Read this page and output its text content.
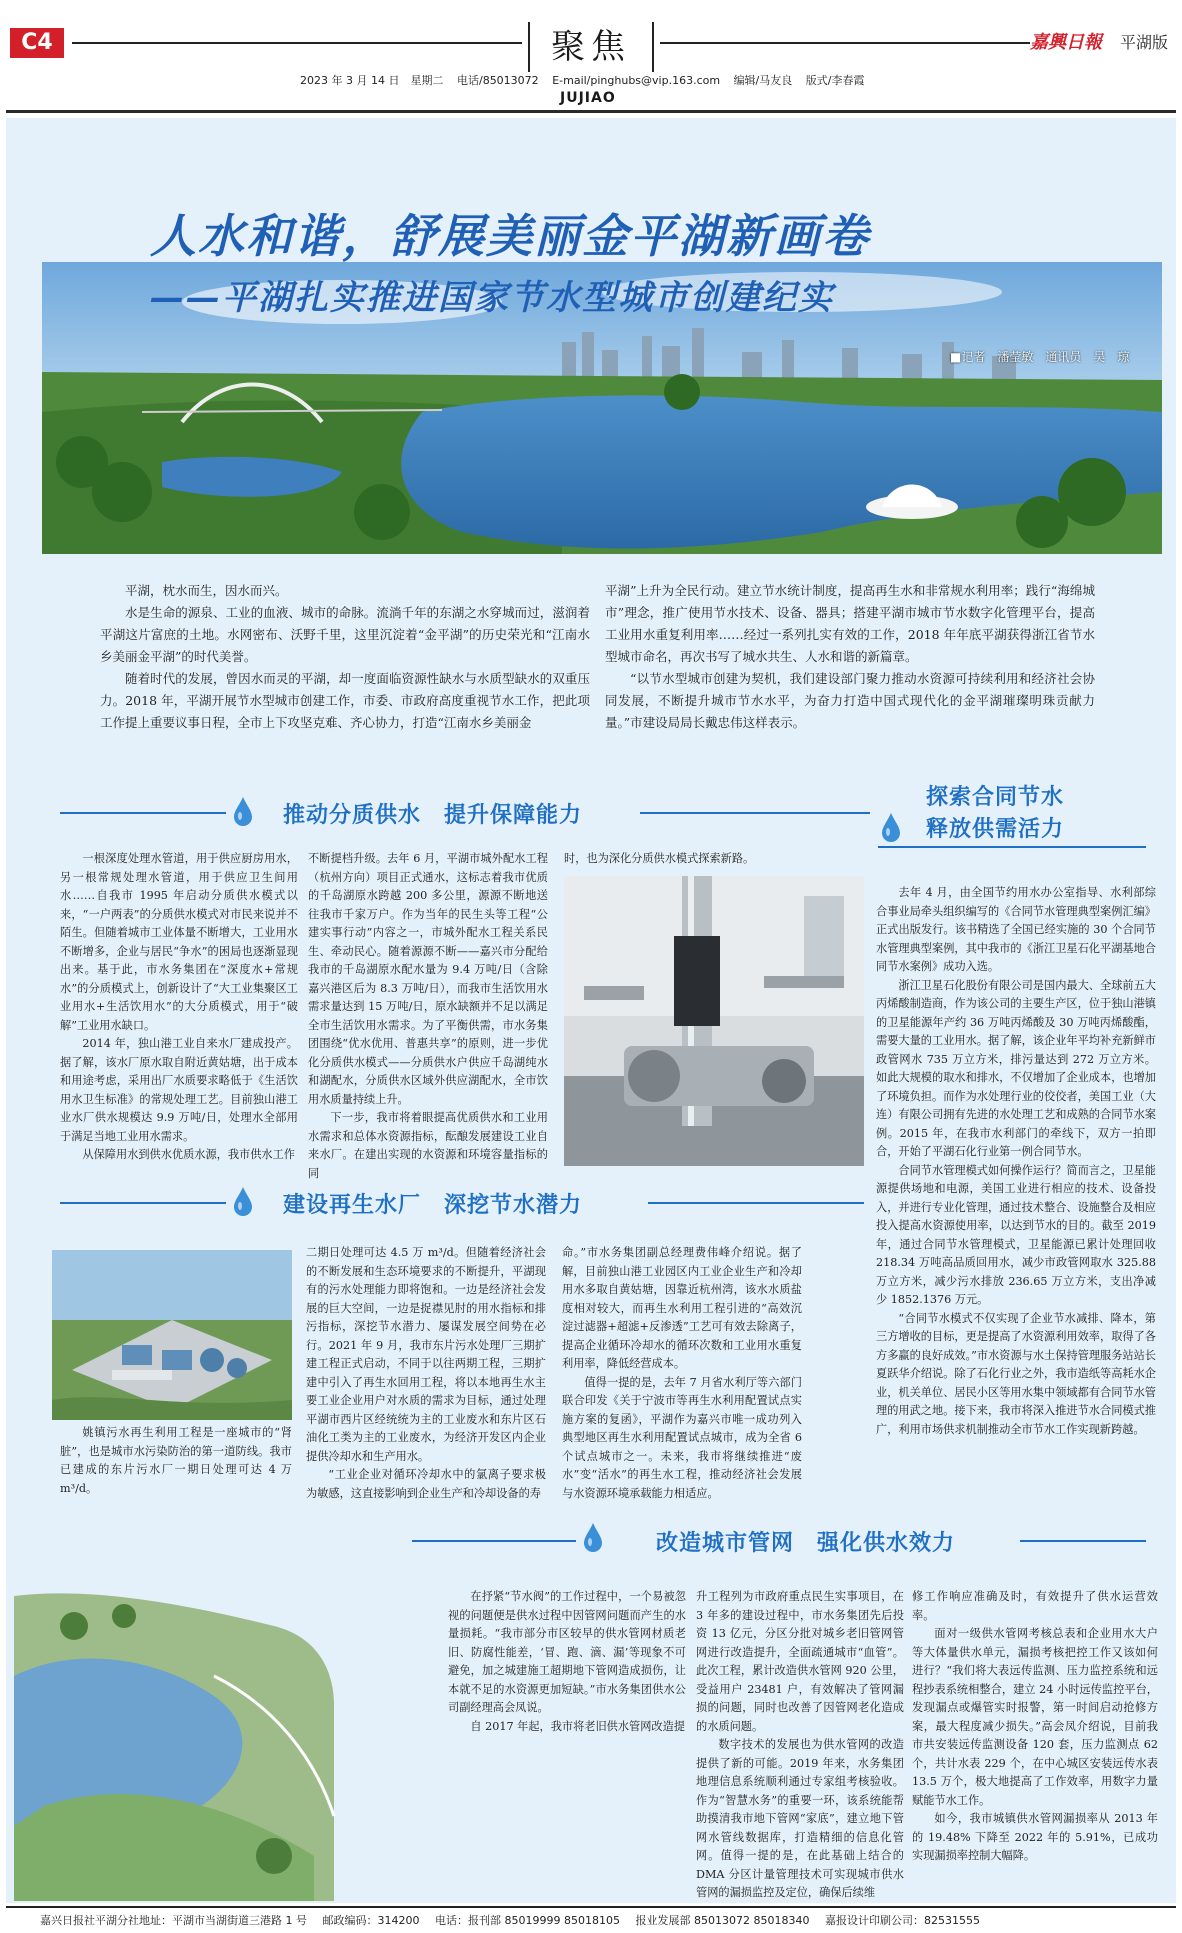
C4	聚焦	嘉興日報 平湖版
2023 年 3 月 14 日　星期二 电话/85013072 E-mail/pinghubs@vip.163.com 编辑/马友良 版式/李春霞
JUJIAO
人水和谐，舒展美丽金平湖新画卷
——平湖扎实推进国家节水型城市创建纪实
■记者　潘莹敏　通讯员　吴　琼

平湖，枕水而生，因水而兴。

水是生命的源泉、工业的血液、城市的命脉。流淌千年的东湖之水穿城而过，滋润着平湖这片富庶的土地。水网密布、沃野千里，这里沉淀着“金平湖”的历史荣光和“江南水乡美丽金平湖”的时代美誉。

随着时代的发展，曾因水而灵的平湖，却一度面临资源性缺水与水质型缺水的双重压力。2018 年，平湖开展节水型城市创建工作，市委、市政府高度重视节水工作，把此项工作提上重要议事日程，全市上下攻坚克难、齐心协力，打造“江南水乡美丽金

平湖”上升为全民行动。建立节水统计制度，提高再生水和非常规水利用率；践行“海绵城市”理念，推广使用节水技术、设备、器具；搭建平湖市城市节水数字化管理平台，提高工业用水重复利用率……经过一系列扎实有效的工作，2018 年年底平湖获得浙江省节水型城市命名，再次书写了城水共生、人水和谐的新篇章。

“以节水型城市创建为契机，我们建设部门聚力推动水资源可持续利用和经济社会协同发展，不断提升城市节水水平，为奋力打造中国式现代化的金平湖璀璨明珠贡献力量。”市建设局局长戴忠伟这样表示。

推动分质供水　提升保障能力

一根深度处理水管道，用于供应厨房用水，另一根常规处理水管道，用于供应卫生间用水……自我市 1995 年启动分质供水模式以来，“一户两表”的分质供水模式对市民来说并不陌生。但随着城市工业体量不断增大，工业用水不断增多，企业与居民“争水”的困局也逐渐显现出来。基于此，市水务集团在“深度水+常规水”的分质模式上，创新设计了“大工业集聚区工业用水+生活饮用水”的大分质模式，用于“破解”工业用水缺口。

2014 年，独山港工业自来水厂建成投产。据了解，该水厂原水取自附近黄姑塘，出于成本和用途考虑，采用出厂水质要求略低于《生活饮用水卫生标准》的常规处理工艺。目前独山港工业水厂供水规模达 9.9 万吨/日，处理水全部用于满足当地工业用水需求。

从保障用水到供水优质水源，我市供水工作

不断提档升级。去年 6 月，平湖市城外配水工程（杭州方向）项目正式通水，这标志着我市优质的千岛湖原水跨越 200 多公里，源源不断地送往我市千家万户。作为当年的民生头等工程“公建实事行动”内容之一，市城外配水工程关系民生、牵动民心。随着源源不断——嘉兴市分配给我市的千岛湖原水配水量为 9.4 万吨/日（含除嘉兴港区后为 8.3 万吨/日），而我市生活饮用水需求量达到 15 万吨/日，原水缺额并不足以满足全市生活饮用水需求。为了平衡供需，市水务集团围绕“优水优用、普惠共享”的原则，进一步优化分质供水模式——分质供水户供应千岛湖纯水和湖配水，分质供水区域外供应湖配水，全市饮用水质量持续上升。

下一步，我市将着眼提高优质供水和工业用水需求和总体水资源指标，酝酿发展建设工业自来水厂。在建出实现的水资源和环境容量指标的同

时，也为深化分质供水模式探索新路。

探索合同节水　释放供需活力

去年 4 月，由全国节约用水办公室指导、水利部综合事业局牵头组织编写的《合同节水管理典型案例汇编》正式出版发行。该书精选了全国已经实施的 30 个合同节水管理典型案例，其中我市的《浙江卫星石化平湖基地合同节水案例》成功入选。

浙江卫星石化股份有限公司是国内最大、全球前五大丙烯酸制造商，作为该公司的主要生产区，位于独山港镇的卫星能源年产约 36 万吨丙烯酸及 30 万吨丙烯酸酯，需要大量的工业用水。据了解，该企业年平均补充新鲜市政管网水 735 万立方米，排污量达到 272 万立方米。如此大规模的取水和排水，不仅增加了企业成本，也增加了环境负担。而作为水处理行业的佼佼者，美国工业（大连）有限公司拥有先进的水处理工艺和成熟的合同节水案例。2015 年，在我市水利部门的牵线下，双方一拍即合，开始了平湖石化行业第一例合同节水。

合同节水管理模式如何操作运行？简而言之，卫星能源提供场地和电源，美国工业进行相应的技术、设备投入，并进行专业化管理，通过技术整合、设施整合及相应投入提高水资源使用率，以达到节水的目的。截至 2019 年，通过合同节水管理模式，卫星能源已累计处理回收 218.34 万吨高品质回用水，减少市政管网取水 325.88 万立方米，减少污水排放 236.65 万立方米，支出净减少 1852.1376 万元。

“合同节水模式不仅实现了企业节水减排、降本，第三方增收的目标，更是提高了水资源利用效率，取得了各方多赢的良好成效。”市水资源与水土保持管理服务站站长夏跃华介绍说。除了石化行业之外，我市造纸等高耗水企业，机关单位、居民小区等用水集中领域都有合同节水管理的用武之地。接下来，我市将深入推进节水合同模式推广，利用市场供求机制推动全市节水工作实现新跨越。

建设再生水厂　深挖节水潜力
姚镇污水再生利用工程是一座城市的“肾脏”，也是城市水污染防治的第一道防线。我市已建成的东片污水厂一期日处理可达 4 万 m³/d。

二期日处理可达 4.5 万 m³/d。但随着经济社会的不断发展和生态环境要求的不断提升，平湖现有的污水处理能力即将饱和。一边是经济社会发展的巨大空间，一边是捉襟见肘的用水指标和排污指标，深挖节水潜力、屡谋发展空间势在必行。2021 年 9 月，我市东片污水处理厂三期扩建工程正式启动，不同于以往两期工程，三期扩建中引入了再生水回用工程，将以本地再生水主要工业企业用户对水质的需求为目标，通过处理平湖市西片区经统统为主的工业废水和东片区石油化工类为主的工业废水，为经济开发区内企业提供冷却水和生产用水。

“工业企业对循环冷却水中的氯离子要求极为敏感，这直接影响到企业生产和冷却设备的寿

命。”市水务集团副总经理费伟峰介绍说。据了解，目前独山港工业园区内工业企业生产和冷却用水多取自黄姑塘，因靠近杭州湾，该水水质盐度相对较大，而再生水利用工程引进的“高效沉淀过滤器+超滤+反渗透”工艺可有效去除离子，提高企业循环冷却水的循环次数和工业用水重复利用率，降低经营成本。

值得一提的是，去年 7 月省水利厅等六部门联合印发《关于宁波市等再生水利用配置试点实施方案的复函》，平湖作为嘉兴市唯一成功列入典型地区再生水利用配置试点城市，成为全省 6 个试点城市之一。未来，我市将继续推进“废水”变“活水”的再生水工程，推动经济社会发展与水资源环境承载能力相适应。

改造城市管网　强化供水效力

在抒紧“节水阀”的工作过程中，一个易被忽视的问题便是供水过程中因管网问题而产生的水量损耗。“我市部分市区较早的供水管网材质老旧、防腐性能差，‘冒、跑、滴、漏’等现象不可避免，加之城建施工超期地下管网造成损伤，让本就不足的水资源更加短缺。”市水务集团供水公司副经理高会凤说。

自 2017 年起，我市将老旧供水管网改造提

升工程列为市政府重点民生实事项目，在 3 年多的建设过程中，市水务集团先后投资 13 亿元，分区分批对城乡老旧管网管网进行改造提升，全面疏通城市“血管”。此次工程，累计改造供水管网 920 公里，受益用户 23481 户，有效解决了管网漏损的问题，同时也改善了因管网老化造成的水质问题。

数字技术的发展也为供水管网的改造提供了新的可能。2019 年来，水务集团地理信息系统顺利通过专家组考核验收。作为“智慧水务”的重要一环，该系统能帮助摸清我市地下管网“家底”，建立地下管网水管线数据库，打造精细的信息化管网。值得一提的是，在此基础上结合的 DMA 分区计量管理技术可实现城市供水管网的漏损监控及定位，确保后续维

修工作响应准确及时，有效提升了供水运营效率。

面对一级供水管网考核总表和企业用水大户等大体量供水单元，漏损考核把控工作又该如何进行？“我们将大表远传监测、压力监控系统和远程抄表系统相整合，建立 24 小时远传监控平台，发现漏点或爆管实时报警，第一时间启动抢修方案，最大程度减少损失。”高会凤介绍说，目前我市共安装远传监测设备 120 套，压力监测点 62 个，共计水表 229 个，在中心城区安装远传水表 13.5 万个，极大地提高了工作效率，用数字力量赋能节水工作。

如今，我市城镇供水管网漏损率从 2013 年的 19.48% 下降至 2022 年的 5.91%，已成功实现漏损率控制大幅降。

嘉兴日报社平湖分社地址：平湖市当湖街道三港路 1 号 邮政编码：314200 电话：报刊部 85019999 85018105 报业发展部 85013072 85018340 嘉报设计印刷公司：82531555
